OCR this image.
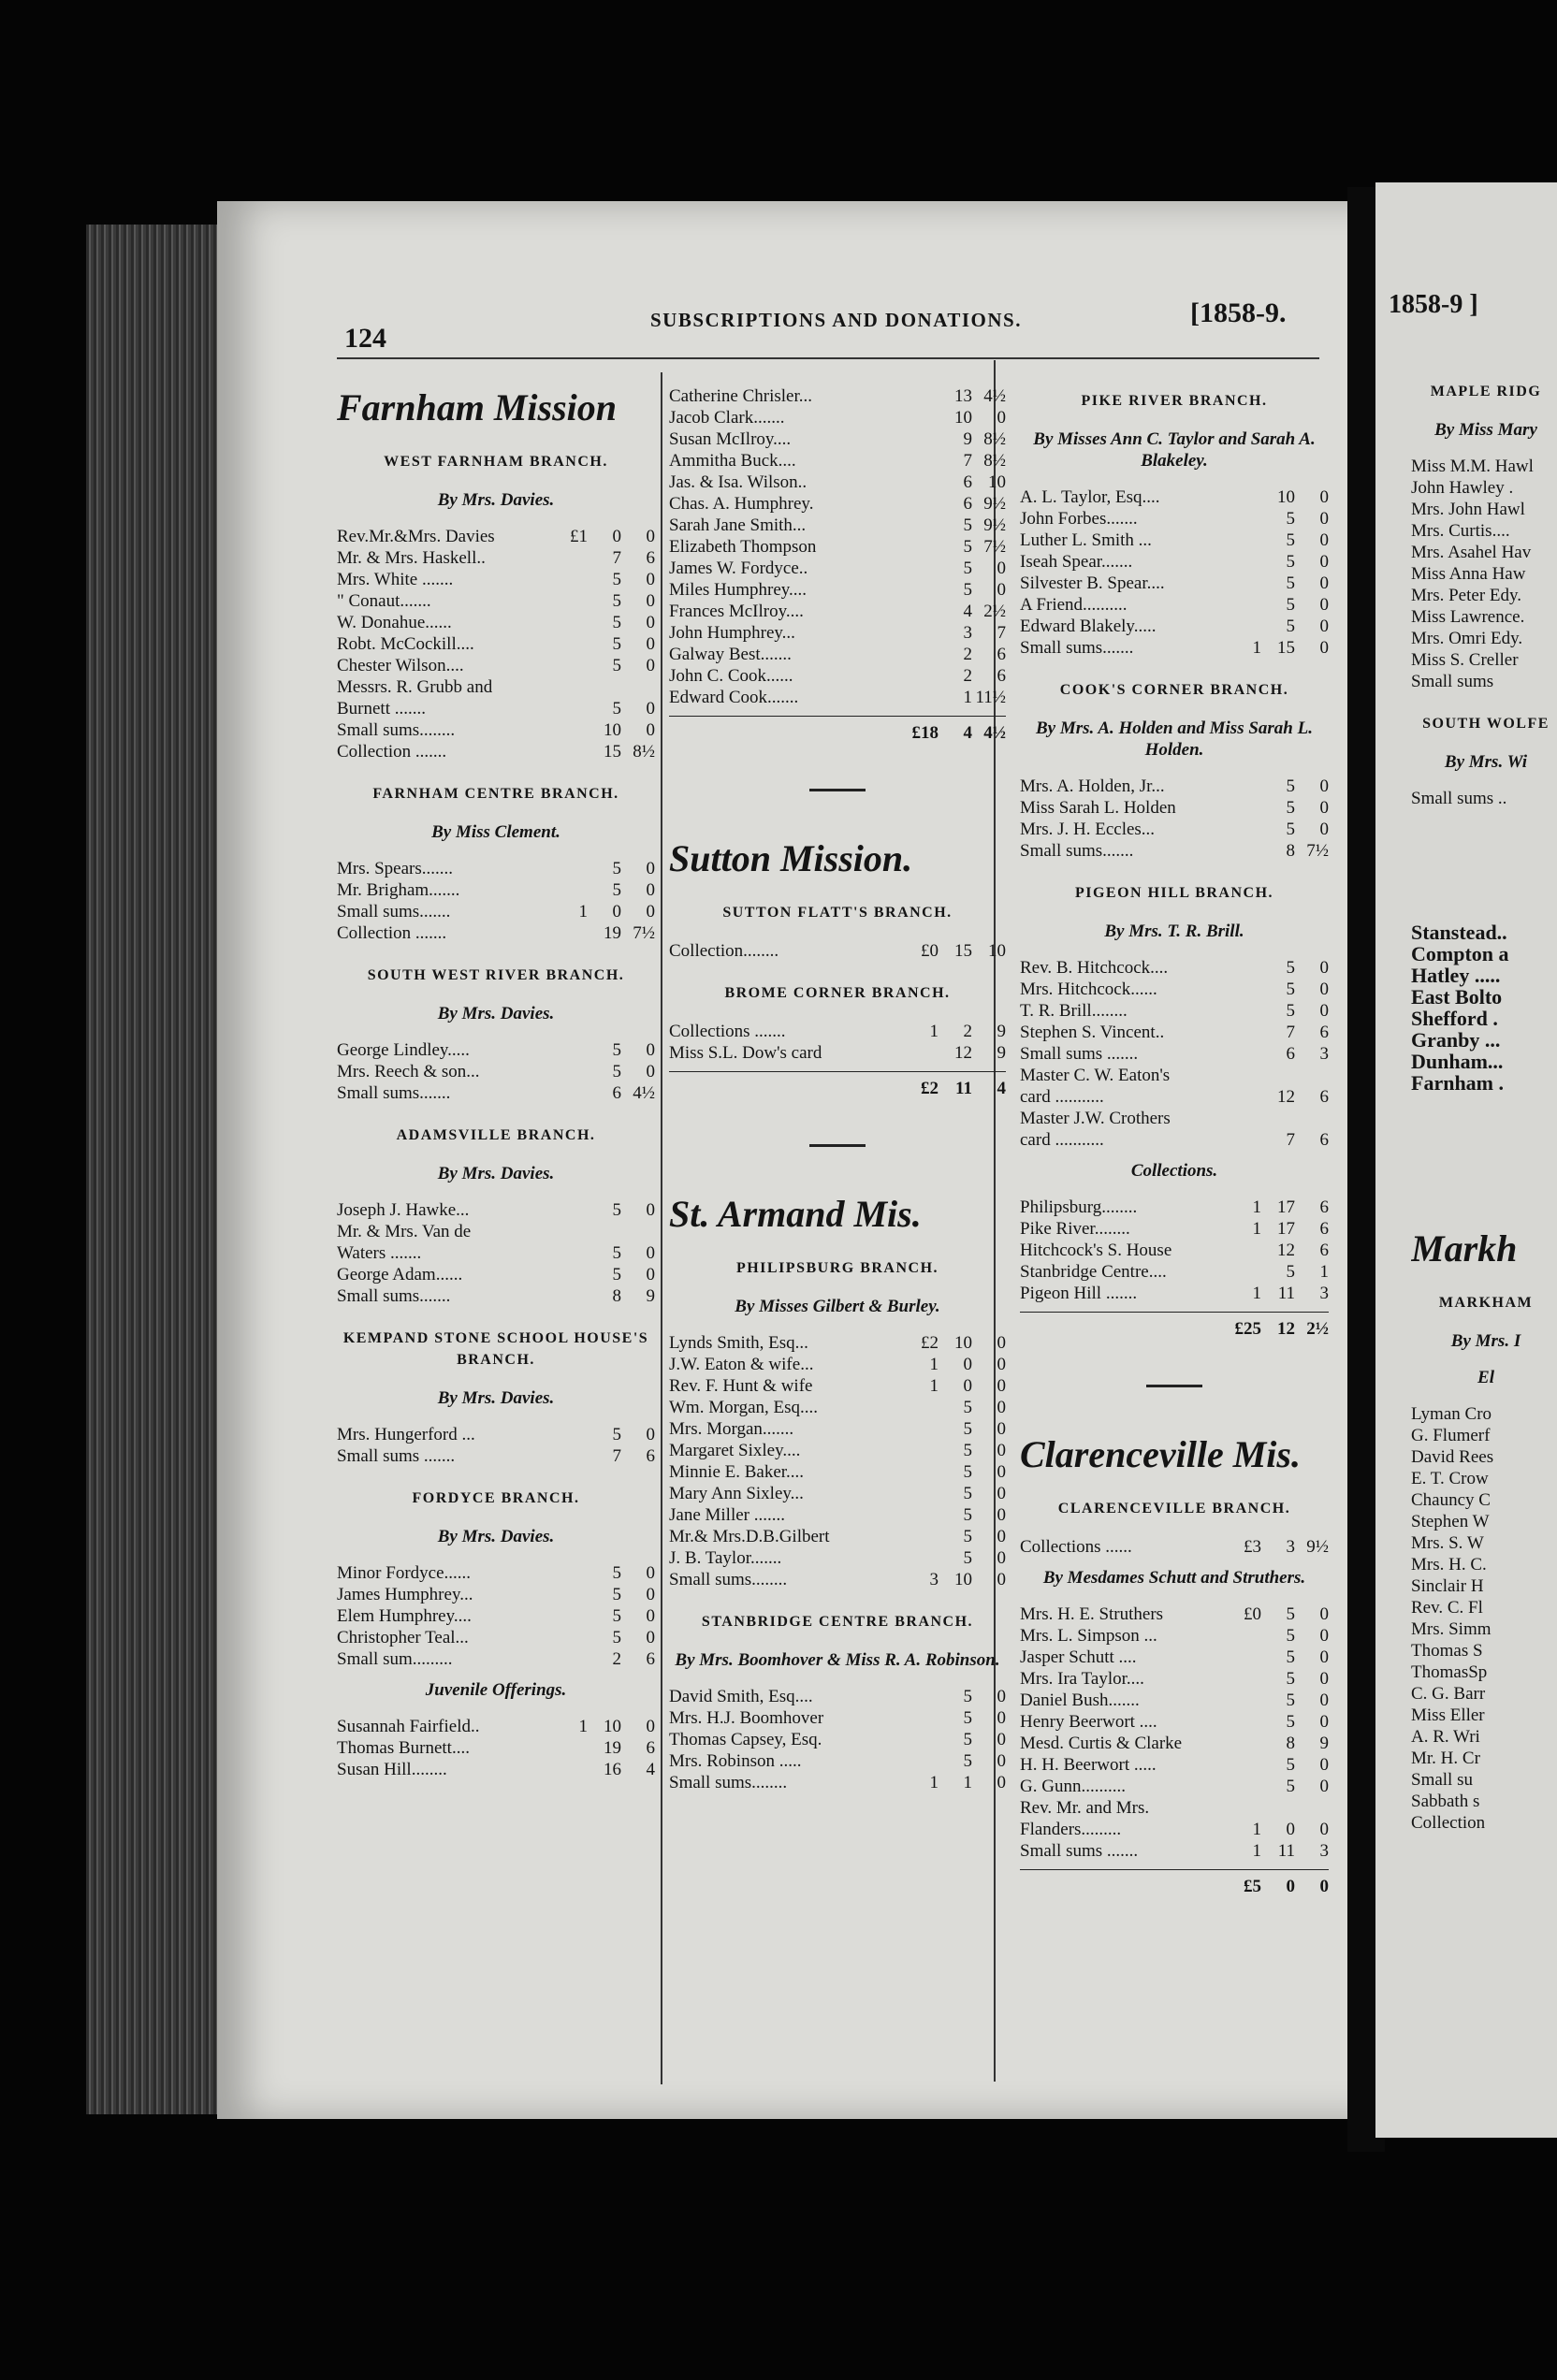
124
SUBSCRIPTIONS AND DONATIONS.	[1858-9.	1858-9 ]
Farnham Mission
WEST FARNHAM BRANCH.
By Mrs. Davies.
Rev.Mr.&Mrs. Davies	£1	0	0
Mr. & Mrs. Haskell..	7	6
Mrs. White .......	5	0
" Conaut.......	5	0
W. Donahue......	5	0
Robt. McCockill....	5	0
Chester Wilson....	5	0
Messrs. R. Grubb and
Burnett .......	5	0
Small sums........	10	0
Collection .......	15 8½
FARNHAM CENTRE BRANCH.
By Miss Clement.
Mrs. Spears.......	5	0
Mr. Brigham.......	5	0
Small sums.......	1	0	0
Collection .......	19 7½
SOUTH WEST RIVER BRANCH.
By Mrs. Davies.
George Lindley.....	5	0
Mrs. Reech & son...	5	0
Small sums.......	6 4½
ADAMSVILLE BRANCH.
By Mrs. Davies.
Joseph J. Hawke...	5	0
Mr. & Mrs. Van de
Waters .......	5	0
George Adam......	5	0
Small sums.......	8	9
KEMPAND STONE SCHOOL HOUSE'S BRANCH.
By Mrs. Davies.
Mrs. Hungerford ...	5	0
Small sums .......	7	6
FORDYCE BRANCH.
By Mrs. Davies.
Minor Fordyce......	5	0
James Humphrey...	5	0
Elem Humphrey....	5	0
Christopher Teal...	5	0
Small sum.........	2	6
Juvenile Offerings.
Susannah Fairfield..	1 10	0
Thomas Burnett....	19	6
Susan Hill........	16	4
Catherine Chrisler...	13 4½
Jacob Clark.......	10	0
Susan McIlroy....	9 8½
Ammitha Buck....	7 8½
Jas. & Isa. Wilson..	6 10
Chas. A. Humphrey.	6 9½
Sarah Jane Smith...	5 9½
Elizabeth Thompson	5 7½
James W. Fordyce..	5	0
Miles Humphrey....	5	0
Frances McIlroy....	4 2½
John Humphrey...	3	7
Galway Best.......	2	6
John C. Cook......	2	6
Edward Cook.......	1 11½
£18	4 4½
Sutton Mission.
SUTTON FLATT'S BRANCH.
Collection........	£0 15 10
BROME CORNER BRANCH.
Collections .......	1	2	9
Miss S.L. Dow's card	12	9
£2 11	4
St. Armand Mis.
PHILIPSBURG BRANCH.
By Misses Gilbert & Burley.
Lynds Smith, Esq...	£2 10	0
J.W. Eaton & wife...	1	0	0
Rev. F. Hunt & wife	1	0	0
Wm. Morgan, Esq....	5	0
Mrs. Morgan.......	5	0
Margaret Sixley....	5	0
Minnie E. Baker....	5	0
Mary Ann Sixley...	5	0
Jane Miller .......	5	0
Mr.& Mrs.D.B.Gilbert	5	0
J. B. Taylor.......	5	0
Small sums........	3 10	0
STANBRIDGE CENTRE BRANCH.
By Mrs. Boomhover & Miss R. A. Robinson.
David Smith, Esq....	5	0
Mrs. H.J. Boomhover	5	0
Thomas Capsey, Esq.	5	0
Mrs. Robinson .....	5	0
Small sums........	1	1	0
PIKE RIVER BRANCH.
By Misses Ann C. Taylor and Sarah A. Blakeley.
A. L. Taylor, Esq....	10	0
John Forbes.......	5	0
Luther L. Smith ...	5	0
Iseah Spear.......	5	0
Silvester B. Spear....	5	0
A Friend..........	5	0
Edward Blakely.....	5	0
Small sums.......	1 15	0
COOK'S CORNER BRANCH.
By Mrs. A. Holden and Miss Sarah L. Holden.
Mrs. A. Holden, Jr...	5	0
Miss Sarah L. Holden	5	0
Mrs. J. H. Eccles...	5	0
Small sums.......	8 7½
PIGEON HILL BRANCH.
By Mrs. T. R. Brill.
Rev. B. Hitchcock....	5	0
Mrs. Hitchcock......	5	0
T. R. Brill........	5	0
Stephen S. Vincent..	7	6
Small sums .......	6	3
Master C. W. Eaton's
card ...........	12	6
Master J.W. Crothers
card ...........	7	6
Collections.
Philipsburg........	1 17	6
Pike River........	1 17	6
Hitchcock's S. House	12	6
Stanbridge Centre....	5	1
Pigeon Hill .......	1 11	3
£25 12 2½
Clarenceville Mis.
CLARENCEVILLE BRANCH.
Collections ......	£3	3 9½
By Mesdames Schutt and Struthers.
Mrs. H. E. Struthers	£0	5	0
Mrs. L. Simpson ...	5	0
Jasper Schutt ....	5	0
Mrs. Ira Taylor....	5	0
Daniel Bush.......	5	0
Henry Beerwort ....	5	0
Mesd. Curtis & Clarke	8	9
H. H. Beerwort .....	5	0
G. Gunn..........	5	0
Rev. Mr. and Mrs.
Flanders.........	1	0	0
Small sums .......	1 11	3
£5	0	0
MAPLE RIDG
By Miss Mary
Miss M.M. Hawl
John Hawley .
Mrs. John Hawl
Mrs. Curtis....
Mrs. Asahel Hav
Miss Anna Haw
Mrs. Peter Edy.
Miss Lawrence.
Mrs. Omri Edy.
Miss S. Creller
Small sums
SOUTH WOLFE
By Mrs. Wi
Small sums ..
Stanstead..
Compton a
Hatley .....
East Bolto
Shefford .
Granby ...
Dunham...
Farnham .
Markh
MARKHAM
By Mrs. I
El
Lyman Cro
G. Flumerf
David Rees
E. T. Crow
Chauncy C
Stephen W
Mrs. S. W
Mrs. H. C.
Sinclair H
Rev. C. Fl
Mrs. Simm
Thomas S
ThomasSp
C. G. Barr
Miss Eller
A. R. Wri
Mr. H. Cr
Small su
Sabbath s
Collection
